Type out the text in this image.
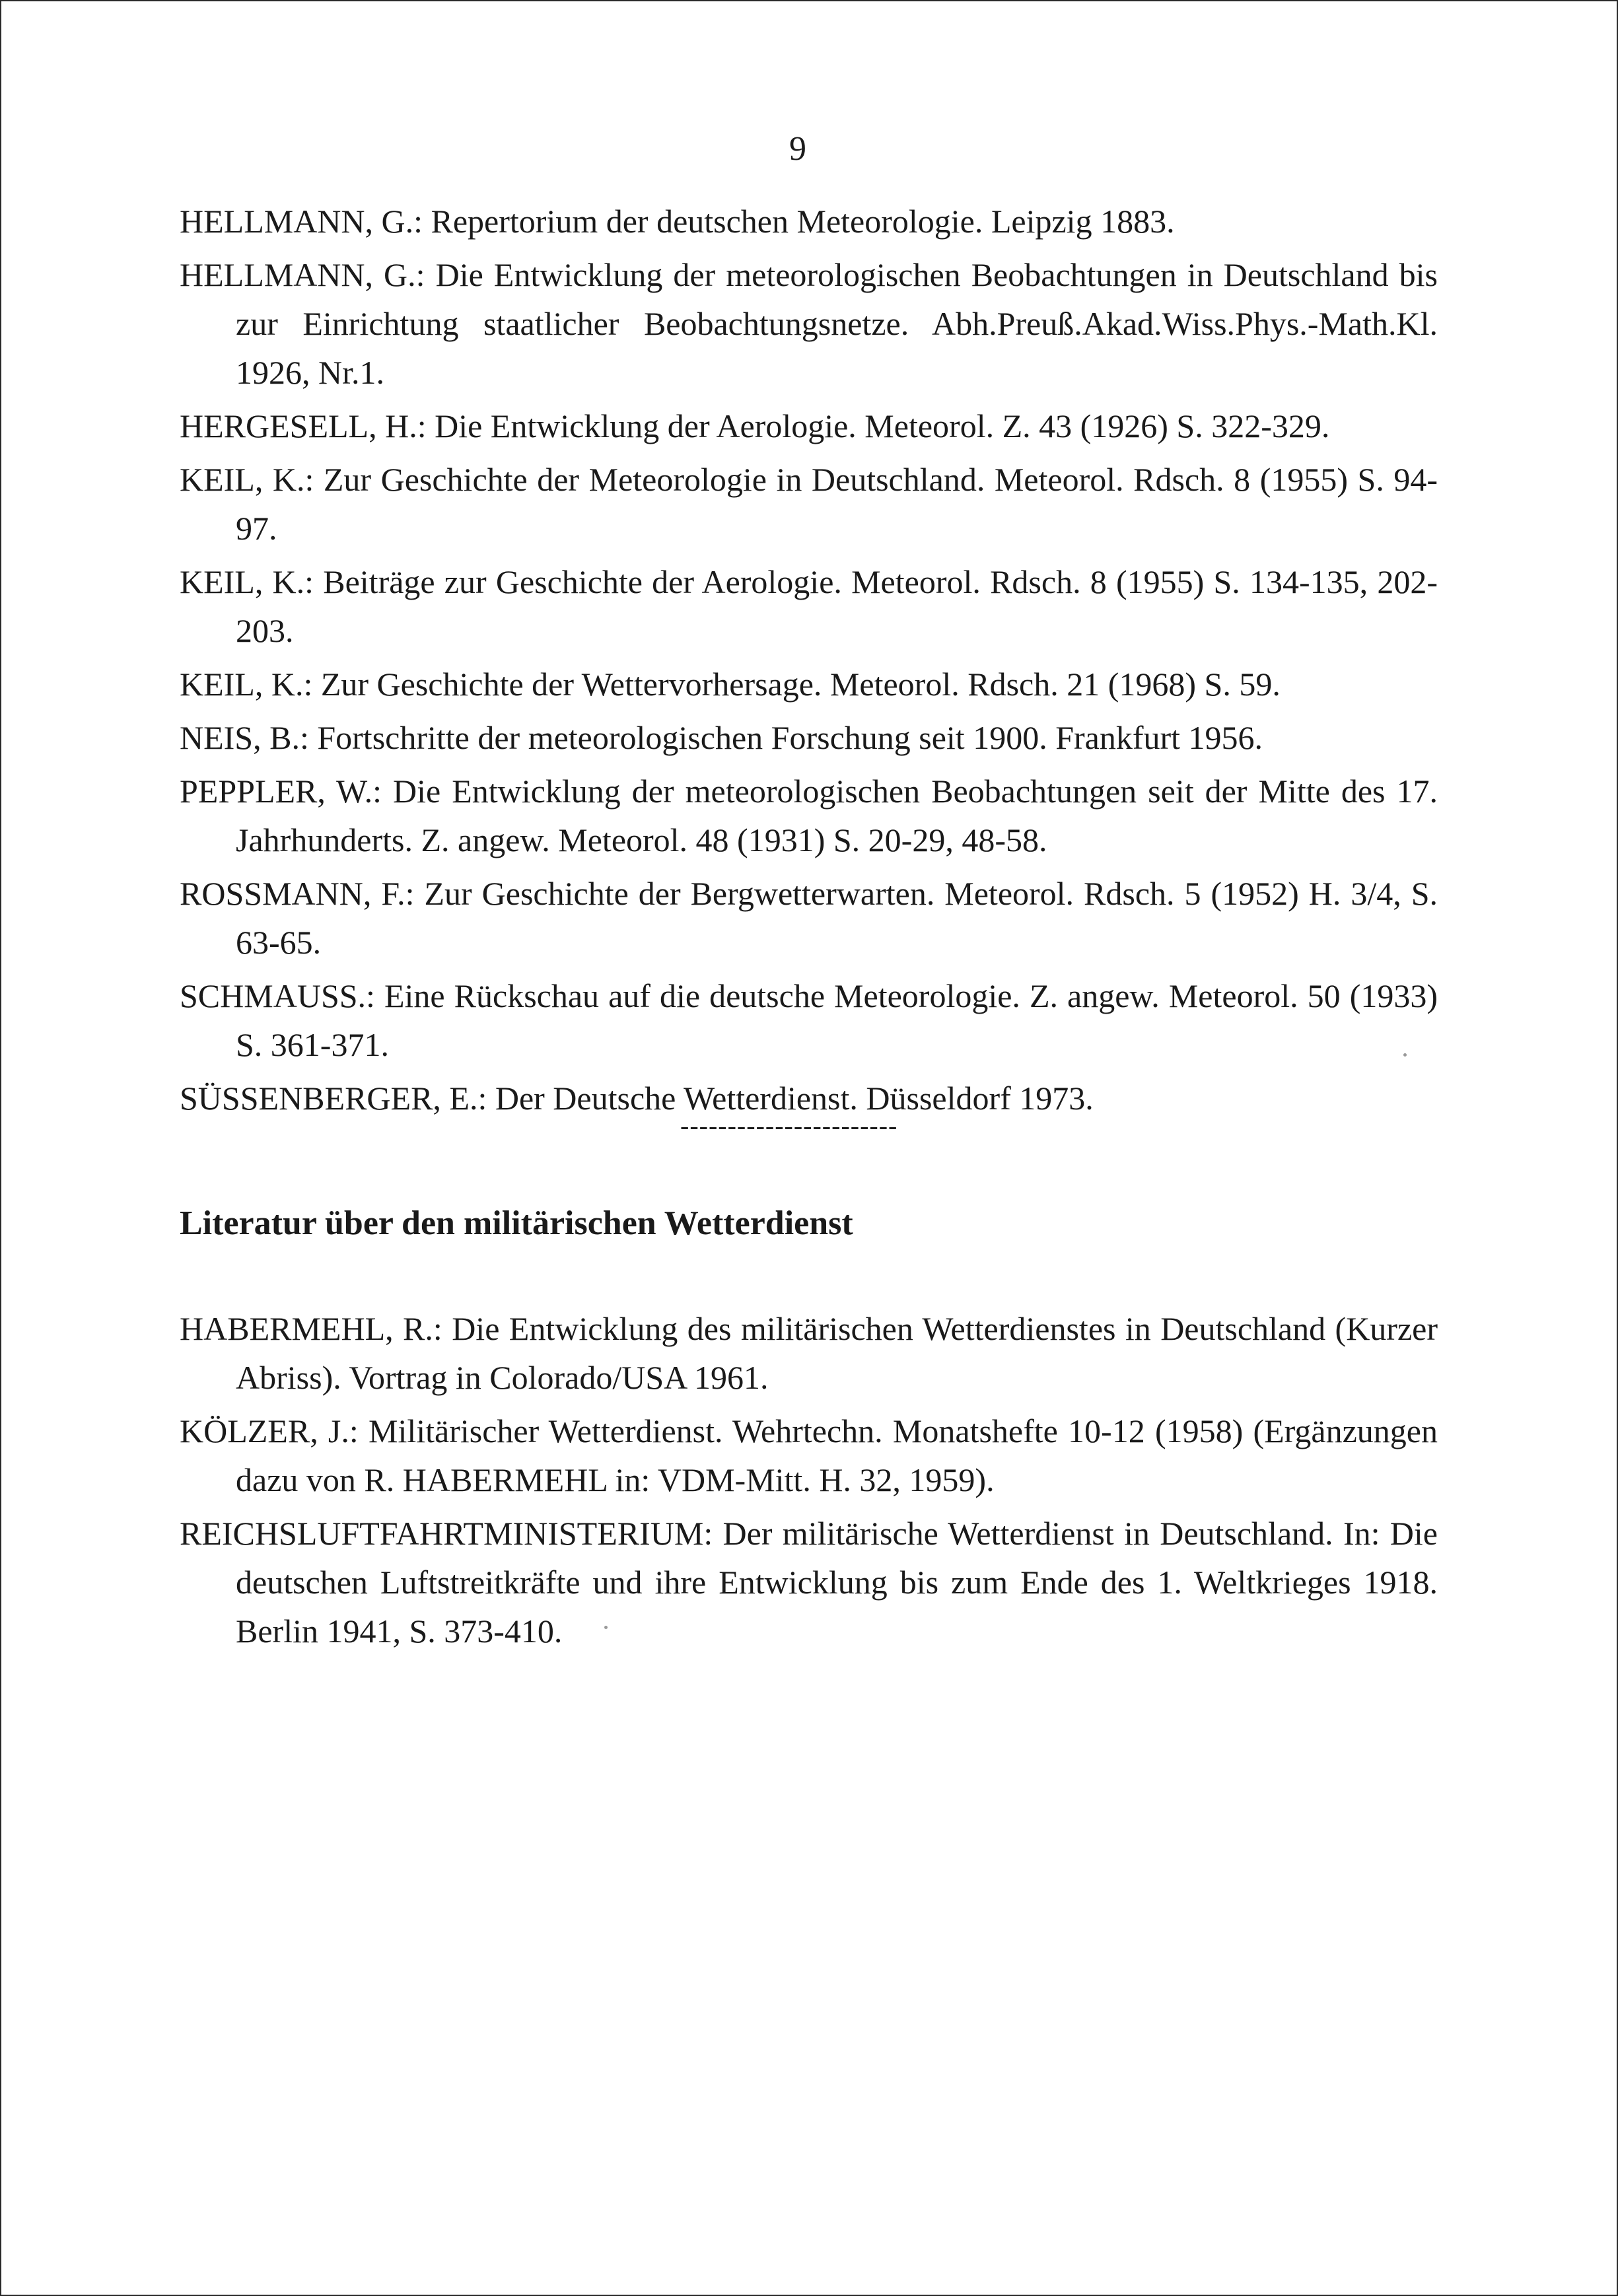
9

HELLMANN, G.: Repertorium der deutschen Meteorologie. Leipzig 1883.

HELLMANN, G.: Die Entwicklung der meteorologischen Beobachtungen in Deutschland bis zur Einrichtung staatlicher Beobachtungsnetze. Abh.Preuß.Akad.Wiss.Phys.-Math.Kl. 1926, Nr.1.

HERGESELL, H.: Die Entwicklung der Aerologie. Meteorol. Z. 43 (1926) S. 322-329.

KEIL, K.: Zur Geschichte der Meteorologie in Deutschland. Meteorol. Rdsch. 8 (1955) S. 94-97.

KEIL, K.: Beiträge zur Geschichte der Aerologie. Meteorol. Rdsch. 8 (1955) S. 134-135, 202-203.

KEIL, K.: Zur Geschichte der Wettervorhersage. Meteorol. Rdsch. 21 (1968) S. 59.

NEIS, B.: Fortschritte der meteorologischen Forschung seit 1900. Frankfurt 1956.

PEPPLER, W.: Die Entwicklung der meteorologischen Beobachtungen seit der Mitte des 17. Jahrhunderts. Z. angew. Meteorol. 48 (1931) S. 20-29, 48-58.

ROSSMANN, F.: Zur Geschichte der Bergwetterwarten. Meteorol. Rdsch. 5 (1952) H. 3/4, S. 63-65.

SCHMAUSS.: Eine Rückschau auf die deutsche Meteorologie. Z. angew. Meteorol. 50 (1933) S. 361-371.

SÜSSENBERGER, E.: Der Deutsche Wetterdienst. Düsseldorf 1973.

-----------------------
Literatur über den militärischen Wetterdienst

HABERMEHL, R.: Die Entwicklung des militärischen Wetterdienstes in Deutschland (Kurzer Abriss). Vortrag in Colorado/USA 1961.

KÖLZER, J.: Militärischer Wetterdienst. Wehrtechn. Monatshefte 10-12 (1958) (Ergänzungen dazu von R. HABERMEHL in: VDM-Mitt. H. 32, 1959).

REICHSLUFTFAHRTMINISTERIUM: Der militärische Wetterdienst in Deutschland. In: Die deutschen Luftstreitkräfte und ihre Entwicklung bis zum Ende des 1. Weltkrieges 1918. Berlin 1941, S. 373-410.
